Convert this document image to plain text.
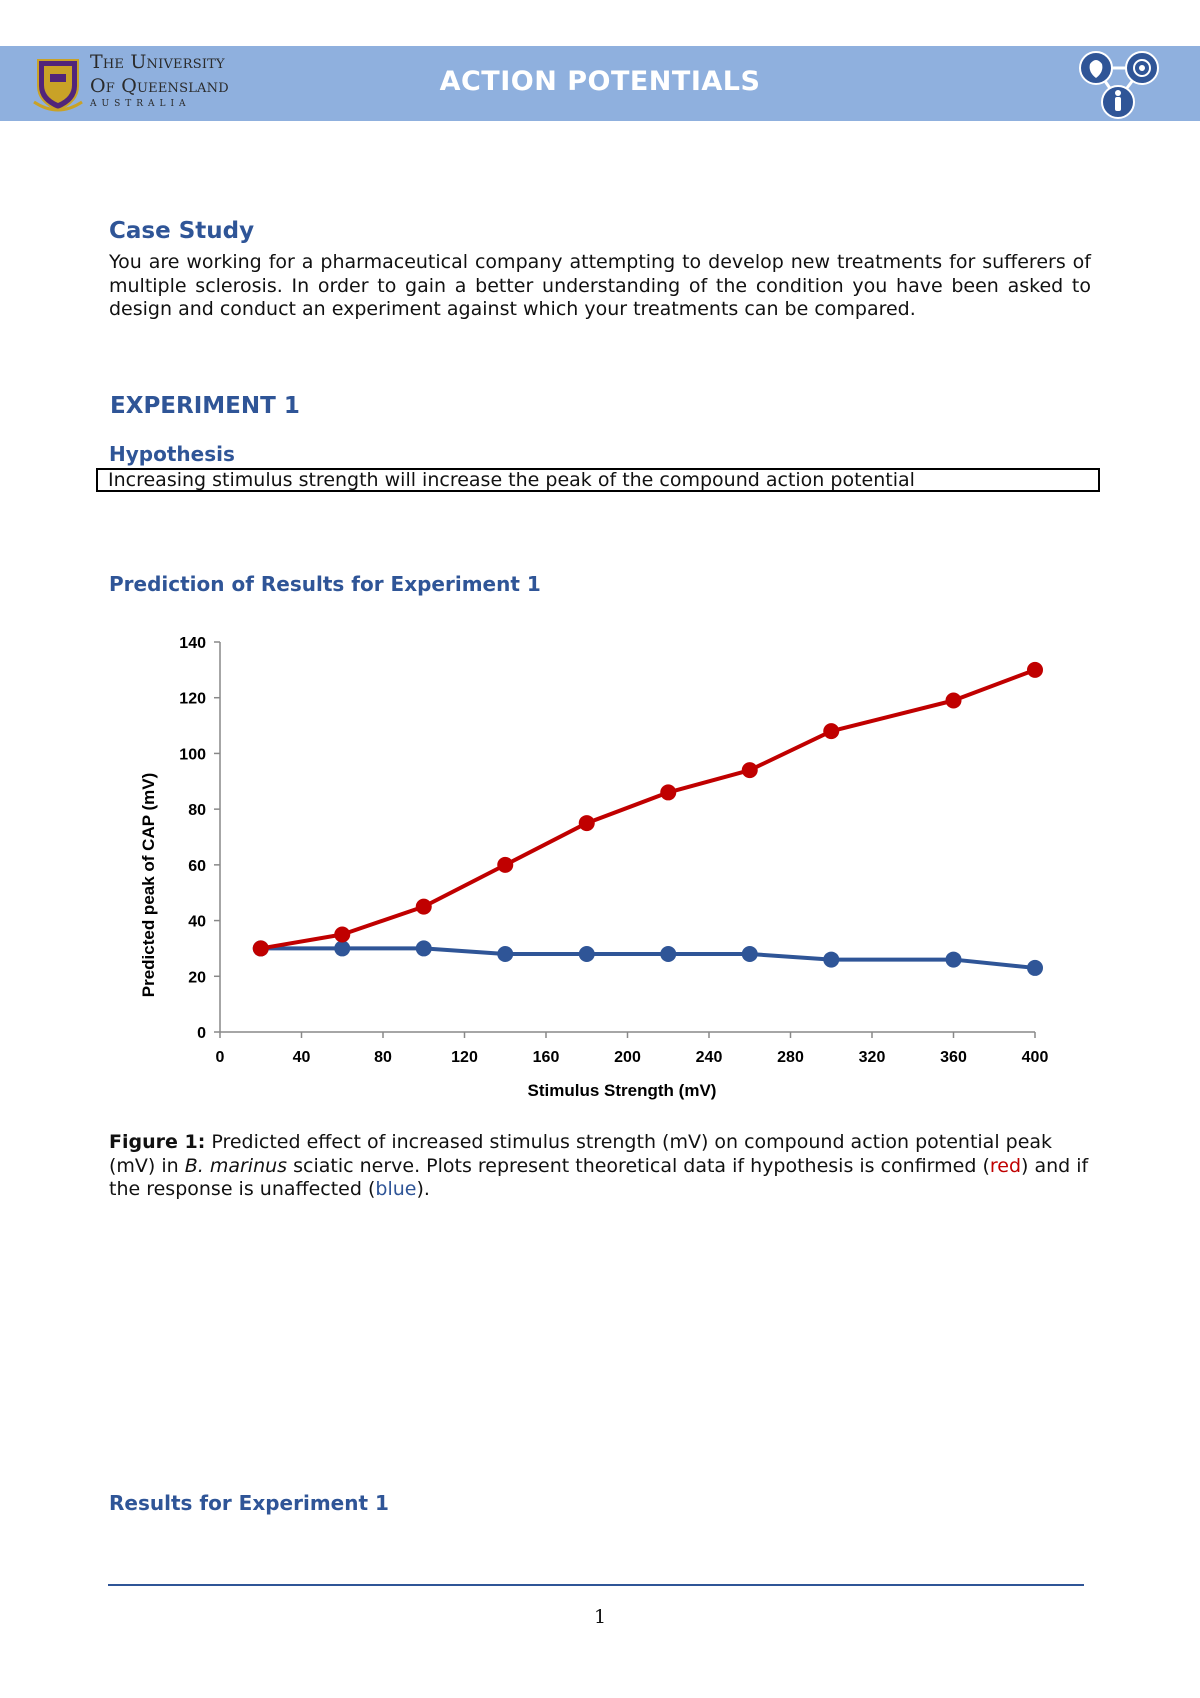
The University
Of Queensland
AUSTRALIA
ACTION POTENTIALS
Case Study
You are working for a pharmaceutical company attempting to develop new treatments for sufferers of multiple sclerosis. In order to gain a better understanding of the condition you have been asked to design and conduct an experiment against which your treatments can be compared.
EXPERIMENT 1
Hypothesis
Increasing stimulus strength will increase the peak of the compound action potential
Prediction of Results for Experiment 1
0
20
40
60
80
100
120
140
0	40	80	120	160	200	240	280	320	360	400
Predicted peak of CAP (mV)
Stimulus Strength (mV)
Figure 1: Predicted effect of increased stimulus strength (mV) on compound action potential peak (mV) in B. marinus sciatic nerve. Plots represent theoretical data if hypothesis is confirmed (red) and if the response is unaffected (blue).
Results for Experiment 1
1
